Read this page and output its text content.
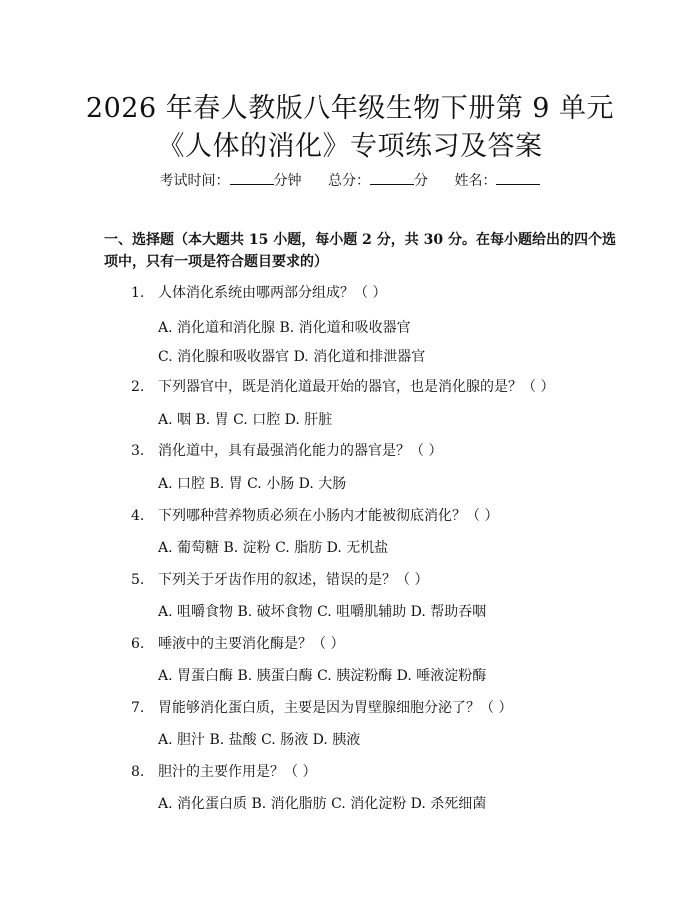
2026 年春人教版八年级生物下册第 9 单元
《人体的消化》专项练习及答案
考试时间：	分钟 总分：	分 姓名：
一、选择题（本大题共 15 小题，每小题 2 分，共 30 分。在每小题给出的四个选项中，只有一项是符合题目要求的）
1. 人体消化系统由哪两部分组成？（ ）
A. 消化道和消化腺 B. 消化道和吸收器官
C. 消化腺和吸收器官 D. 消化道和排泄器官
2. 下列器官中，既是消化道最开始的器官，也是消化腺的是？（ ）
A. 咽 B. 胃 C. 口腔 D. 肝脏
3. 消化道中，具有最强消化能力的器官是？（ ）
A. 口腔 B. 胃 C. 小肠 D. 大肠
4. 下列哪种营养物质必须在小肠内才能被彻底消化？（ ）
A. 葡萄糖 B. 淀粉 C. 脂肪 D. 无机盐
5. 下列关于牙齿作用的叙述，错误的是？（ ）
A. 咀嚼食物 B. 破坏食物 C. 咀嚼肌辅助 D. 帮助吞咽
6. 唾液中的主要消化酶是？（ ）
A. 胃蛋白酶 B. 胰蛋白酶 C. 胰淀粉酶 D. 唾液淀粉酶
7. 胃能够消化蛋白质，主要是因为胃壁腺细胞分泌了？（ ）
A. 胆汁 B. 盐酸 C. 肠液 D. 胰液
8. 胆汁的主要作用是？（ ）
A. 消化蛋白质 B. 消化脂肪 C. 消化淀粉 D. 杀死细菌
